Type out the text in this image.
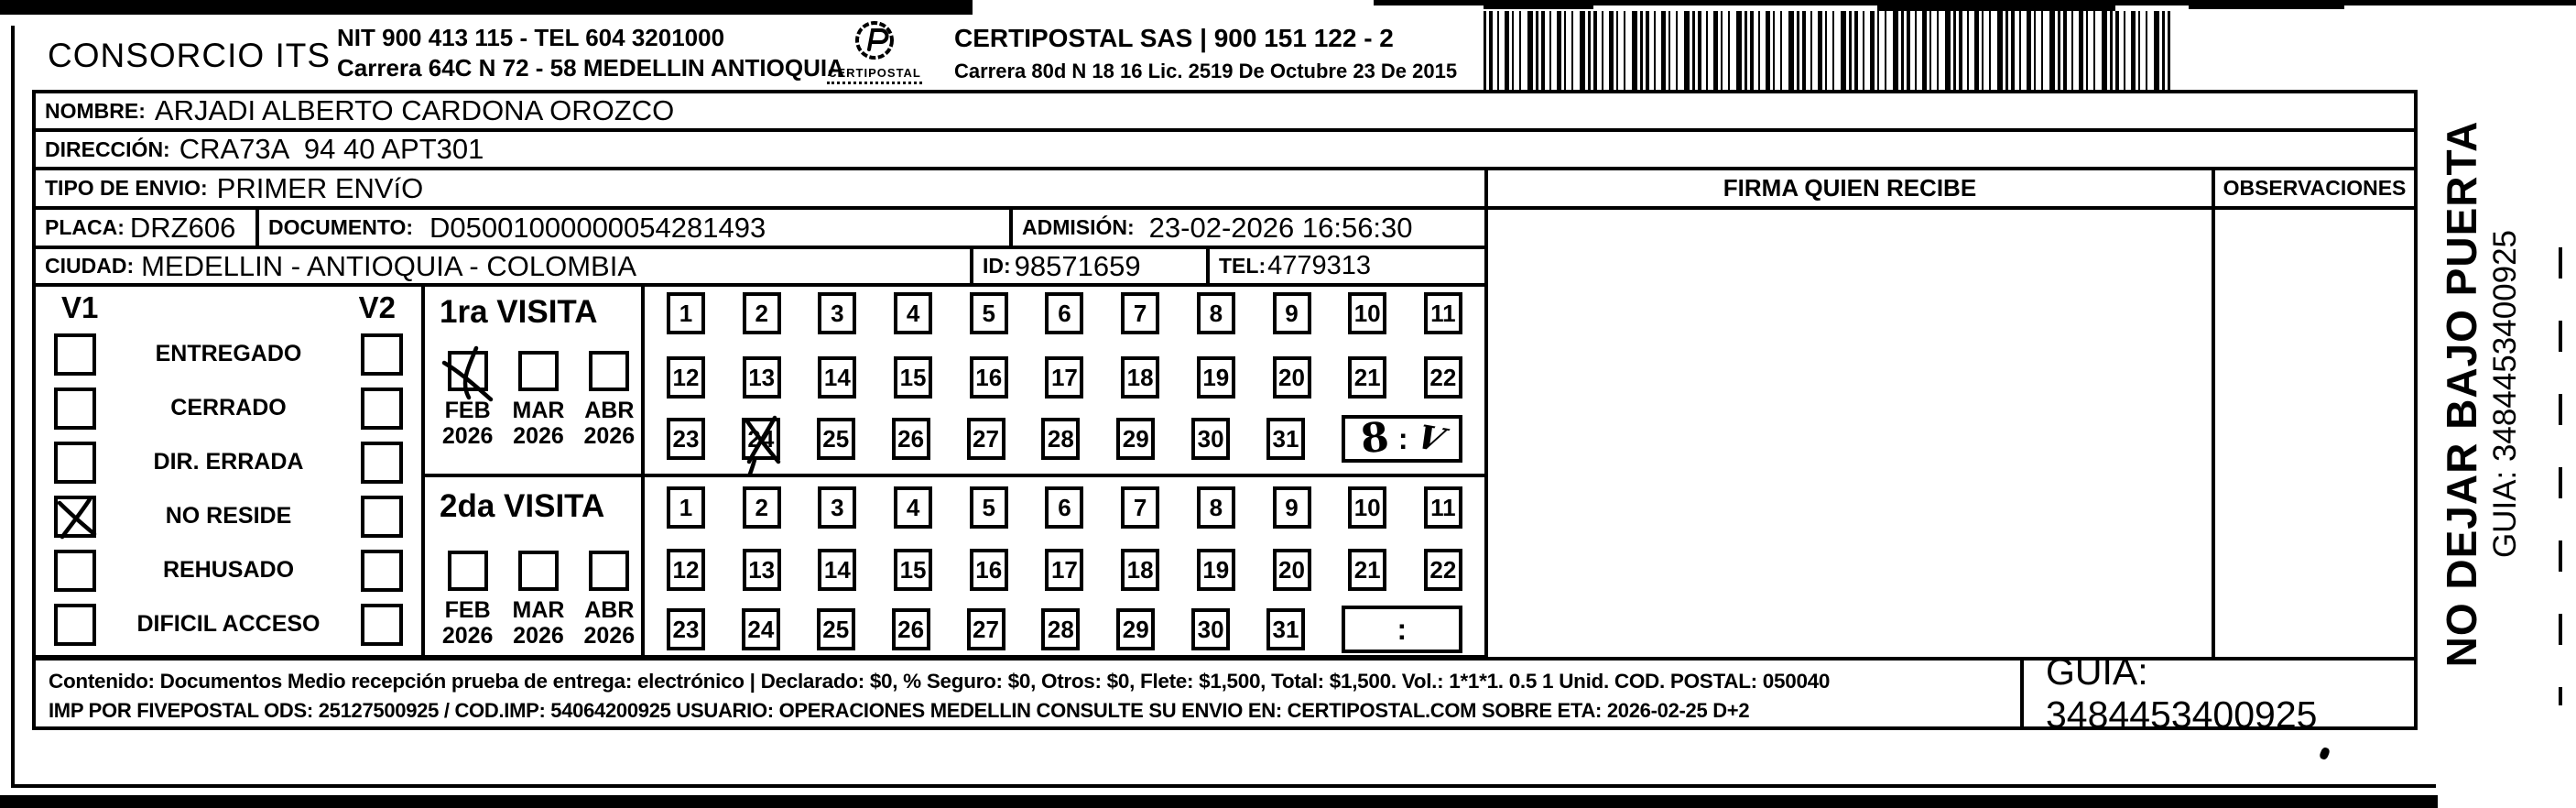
CONSORCIO ITS NIT 900 413 115 - TEL 604 3201000
Carrera 64C N 72 - 58 MEDELLIN ANTIOQUIA
CERTIPOSTAL
CERTIPOSTAL SAS | 900 151 122 - 2
Carrera 80d N 18 16 Lic. 2519 De Octubre 23 De 2015
NOMBRE: ARJADI ALBERTO CARDONA OROZCO
DIRECCIÓN: CRA73A  94 40 APT301
TIPO DE ENVIO: PRIMER ENVíO	FIRMA QUIEN RECIBE	OBSERVACIONES
PLACA: DRZ606 DOCUMENTO: D05001000000054281493	ADMISIÓN: 23-02-2026 16:56:30
CIUDAD: MEDELLIN - ANTIOQUIA - COLOMBIA	ID: 98571659	TEL: 4779313
V1	V2
ENTREGADO
CERRADO
DIR. ERRADA
NO RESIDE
REHUSADO
DIFICIL ACCESO
1ra VISITA
FEB
2026
MAR
2026
ABR
2026
2da VISITA
FEB
2026
MAR
2026
ABR
2026
1	2	3	4	5	6	7	8	9	10 11
12 13 14 15 16 17 18 19 20 21 22
23 24 25 26 27 28 29 30 31 8 : V
1	2	3	4	5	6	7	8	9	10 11
12 13 14 15 16 17 18 19 20 21 22
23 24 25 26 27 28 29 30 31	:
Contenido: Documentos Medio recepción prueba de entrega: electrónico | Declarado: $0, % Seguro: $0, Otros: $0, Flete: $1,500, Total: $1,500. Vol.: 1*1*1. 0.5 1 Unid. COD. POSTAL: 050040
IMP POR FIVEPOSTAL ODS: 25127500925 / COD.IMP: 54064200925 USUARIO: OPERACIONES MEDELLIN CONSULTE SU ENVIO EN: CERTIPOSTAL.COM SOBRE ETA: 2026-02-25 D+2
GUIA: 3484453400925
NO DEJAR BAJO PUERTA GUIA: 3484453400925
